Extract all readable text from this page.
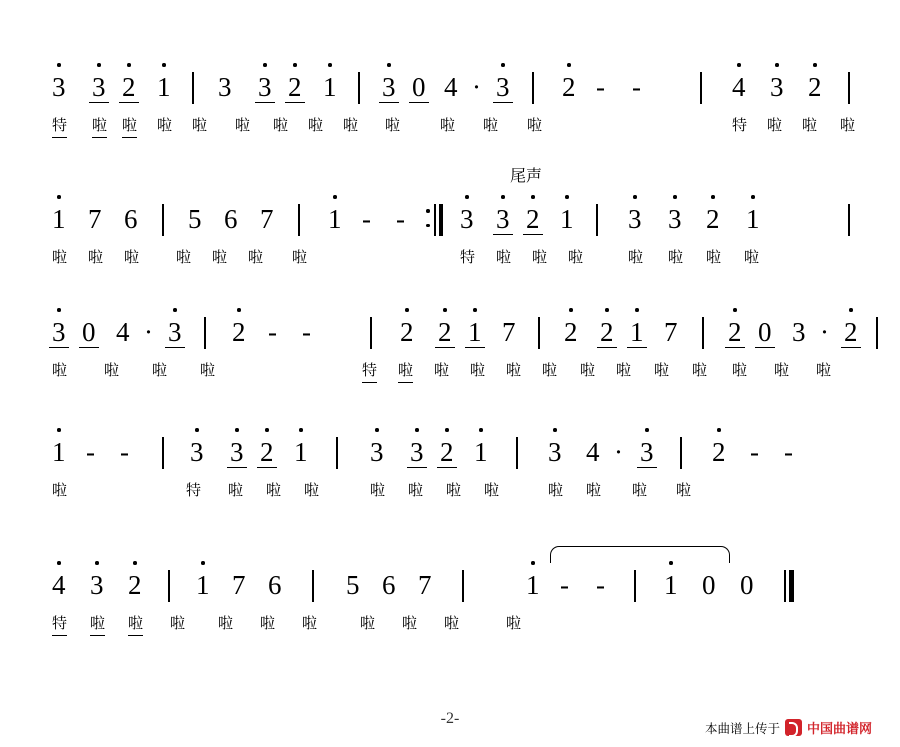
尾声
3 3 2 1 3 3 2 1 3 0 4 · 3 2 - -	4 3 2
特 啦 啦 啦 啦 啦 啦 啦 啦 啦	啦 啦 啦	特 啦 啦 啦
1 7 6 5 6 7 1 - - 3 3 2 1 3 3 2 1
啦 啦 啦 啦 啦 啦 啦	特 啦 啦 啦	啦 啦 啦 啦
3 0 4 · 3 2 - -	2 2 1 7 2 2 1 7 2 0 3 · 2
啦 啦 啦 啦	特 啦 啦 啦 啦 啦 啦 啦 啦 啦 啦 啦 啦
1 - - 3 3 2 1 3 3 2 1 3 4 · 3 2 - -
啦	特 啦 啦 啦	啦 啦 啦 啦	啦 啦 啦 啦
4 3 2 1 7 6 5 6 7	1 - - 1 0 0
特 啦 啦 啦 啦 啦 啦	啦 啦 啦	啦
-2-
本曲谱上传于 中国曲谱网
